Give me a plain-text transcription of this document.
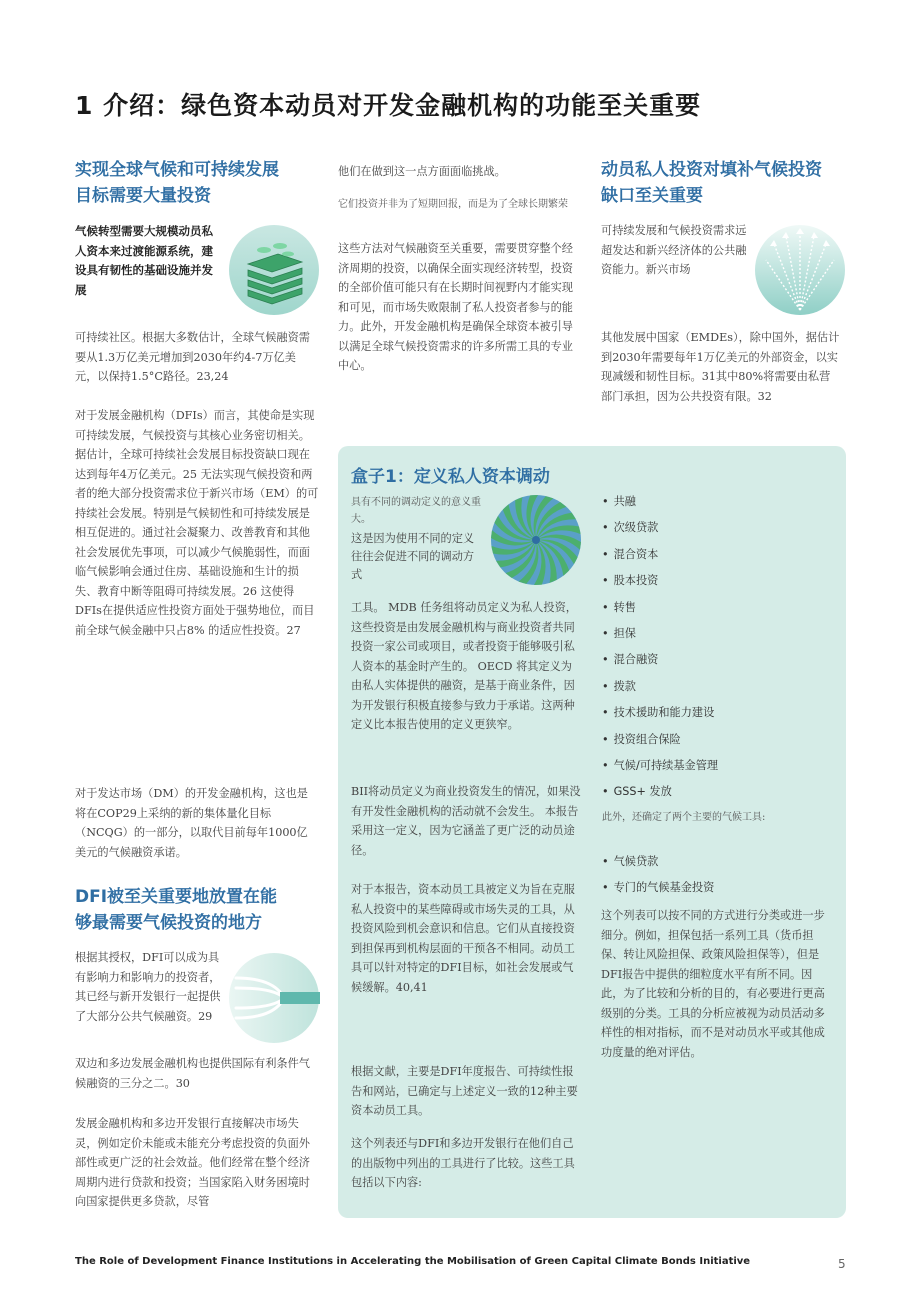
1 介绍：绿色资本动员对开发金融机构的功能至关重要
实现全球气候和可持续发展
目标需要大量投资
气候转型需要大规模动员私
人资本来过渡能源系统，建
设具有韧性的基础设施并发
展
可持续社区。根据大多数估计，全球气候融资需要从1.3万亿美元增加到2030年约4-7万亿美元，以保持1.5°C路径。23,24
对于发展金融机构（DFIs）而言，其使命是实现可持续发展，气候投资与其核心业务密切相关。据估计，全球可持续社会发展目标投资缺口现在达到每年4万亿美元。25 无法实现气候投资和两者的绝大部分投资需求位于新兴市场（EM）的可持续社会发展。特别是气候韧性和可持续发展是相互促进的。通过社会凝聚力、改善教育和其他社会发展优先事项，可以减少气候脆弱性，而面临气候影响会通过住房、基础设施和生计的损失、教育中断等阻碍可持续发展。26 这使得DFIs在提供适应性投资方面处于强势地位，而目前全球气候金融中只占8% 的适应性投资。27
对于发达市场（DM）的开发金融机构，这也是将在COP29上采纳的新的集体量化目标（NCQG）的一部分，以取代目前每年1000亿美元的气候融资承诺。
DFI被至关重要地放置在能
够最需要气候投资的地方
根据其授权，DFI可以成为具有影响力和影响力的投资者，其已经与新开发银行一起提供了大部分公共气候融资。29
双边和多边发展金融机构也提供国际有利条件气候融资的三分之二。30
发展金融机构和多边开发银行直接解决市场失灵，例如定价未能或未能充分考虑投资的负面外部性或更广泛的社会效益。他们经常在整个经济周期内进行贷款和投资；当国家陷入财务困境时向国家提供更多贷款，尽管
他们在做到这一点方面面临挑战。
它们投资并非为了短期回报，而是为了全球长期繁荣
这些方法对气候融资至关重要，需要贯穿整个经济周期的投资，以确保全面实现经济转型，投资的全部价值可能只有在长期时间视野内才能实现和可见，而市场失败限制了私人投资者参与的能力。此外，开发金融机构是确保全球资本被引导以满足全球气候投资需求的许多所需工具的专业中心。
动员私人投资对填补气候投资
缺口至关重要
可持续发展和气候投资需求远超发达和新兴经济体的公共融资能力。新兴市场
其他发展中国家（EMDEs），除中国外，据估计到2030年需要每年1万亿美元的外部资金，以实现减缓和韧性目标。31其中80%将需要由私营部门承担，因为公共投资有限。32
盒子1：定义私人资本调动
具有不同的调动定义的意义重大。
这是因为使用不同的定义往往会促进不同的调动方式
工具。 MDB 任务组将动员定义为私人投资，这些投资是由发展金融机构与商业投资者共同投资一家公司或项目，或者投资于能够吸引私人资本的基金时产生的。 OECD 将其定义为由私人实体提供的融资，是基于商业条件，因为开发银行积极直接参与致力于承诺。这两种定义比本报告使用的定义更狭窄。
BII将动员定义为商业投资发生的情况，如果没有开发性金融机构的活动就不会发生。 本报告采用这一定义，因为它涵盖了更广泛的动员途径。
对于本报告，资本动员工具被定义为旨在克服私人投资中的某些障碍或市场失灵的工具，从投资风险到机会意识和信息。它们从直接投资到担保再到机构层面的干预各不相同。动员工具可以针对特定的DFI目标，如社会发展或气候缓解。40,41
根据文献，主要是DFI年度报告、可持续性报告和网站，已确定与上述定义一致的12种主要资本动员工具。
这个列表还与DFI和多边开发银行在他们自己的出版物中列出的工具进行了比较。这些工具包括以下内容:
• 共融
• 次级贷款
• 混合资本
• 股本投资
• 转售
• 担保
• 混合融资
• 拨款
• 技术援助和能力建设
• 投资组合保险
• 气候/可持续基金管理
• GSS+ 发放
此外，还确定了两个主要的气候工具:
• 气候贷款
• 专门的气候基金投资
这个列表可以按不同的方式进行分类或进一步细分。例如，担保包括一系列工具（货币担保、转让风险担保、政策风险担保等），但是DFI报告中提供的细粒度水平有所不同。因此，为了比较和分析的目的，有必要进行更高级别的分类。工具的分析应被视为动员活动多样性的相对指标，而不是对动员水平或其他成功度量的绝对评估。
The Role of Development Finance Institutions in Accelerating the Mobilisation of Green Capital Climate Bonds Initiative	5
